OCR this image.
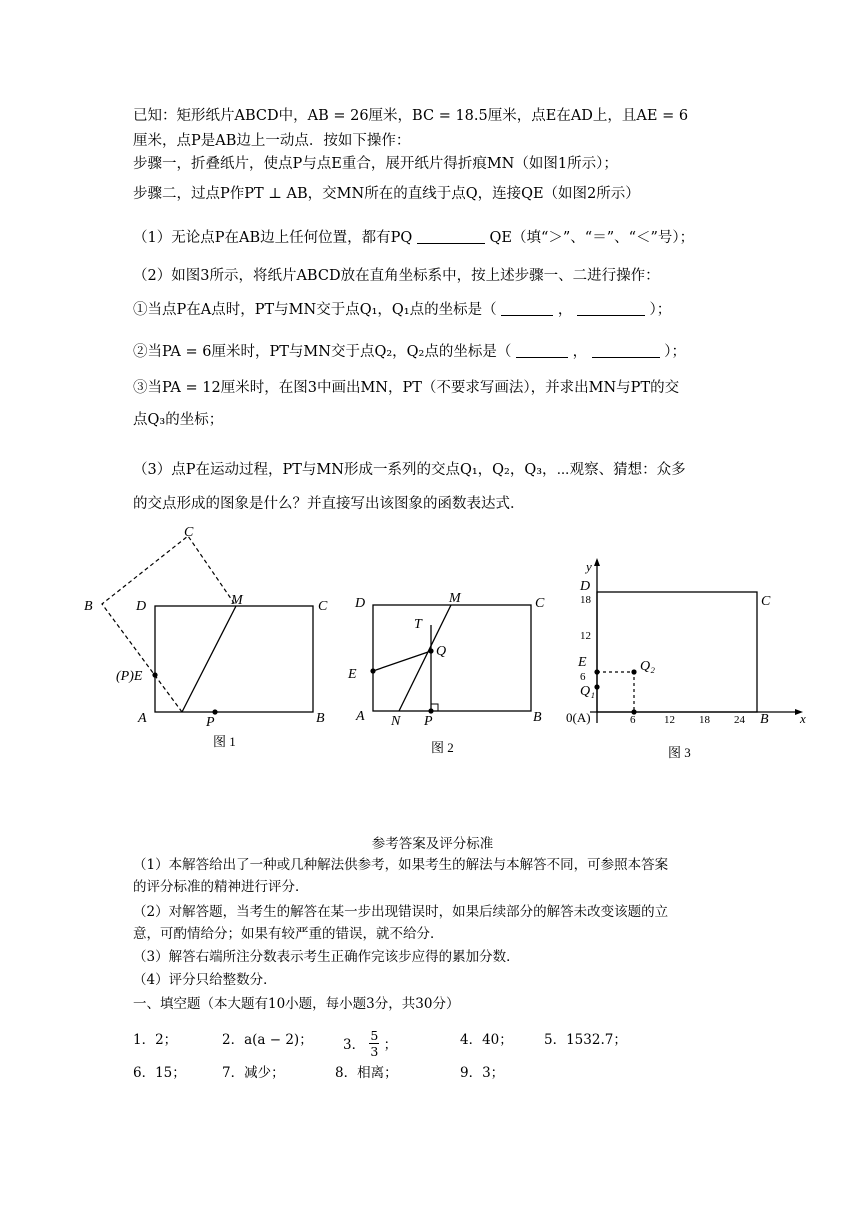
已知：矩形纸片ABCD中，AB = 26厘米，BC = 18.5厘米，点E在AD上，且AE = 6
厘米，点P是AB边上一动点．按如下操作：
步骤一，折叠纸片，使点P与点E重合，展开纸片得折痕MN（如图1所示）；
步骤二，过点P作PT ⊥ AB，交MN所在的直线于点Q，连接QE（如图2所示）
（1）无论点P在AB边上任何位置，都有PQ	QE（填“＞”、“＝”、“＜”号）；
（2）如图3所示，将纸片ABCD放在直角坐标系中，按上述步骤一、二进行操作：
①当点P在A点时，PT与MN交于点Q₁，Q₁点的坐标是（	，	）；
②当PA = 6厘米时，PT与MN交于点Q₂，Q₂点的坐标是（	，	）；
③当PA = 12厘米时，在图3中画出MN，PT（不要求写画法），并求出MN与PT的交
点Q₃的坐标；
（3）点P在运动过程，PT与MN形成一系列的交点Q₁，Q₂，Q₃，⋯观察、猜想：众多
的交点形成的图象是什么？并直接写出该图象的函数表达式．
C
B	D	M	C
(P)E
A	P	B
图 1
D	M	C
T
Q
E
A N P	B
图 2
y
x
D
C
18
12
E
6
Q₂
Q₁
0(A)	6	12 18 24 B
图 3
参考答案及评分标准
（1）本解答给出了一种或几种解法供参考，如果考生的解法与本解答不同，可参照本答案
的评分标准的精神进行评分．
（2）对解答题，当考生的解答在某一步出现错误时，如果后续部分的解答未改变该题的立
意，可酌情给分；如果有较严重的错误，就不给分．
（3）解答右端所注分数表示考生正确作完该步应得的累加分数．
（4）评分只给整数分．
一、填空题（本大题有10小题，每小题3分，共30分）
1．2；	2．a(a − 2)； 3． $\frac{5}{3}$ ；	4．40； 5．1532.7；
6．15；	7．减少；	8．相离；	9．3；
